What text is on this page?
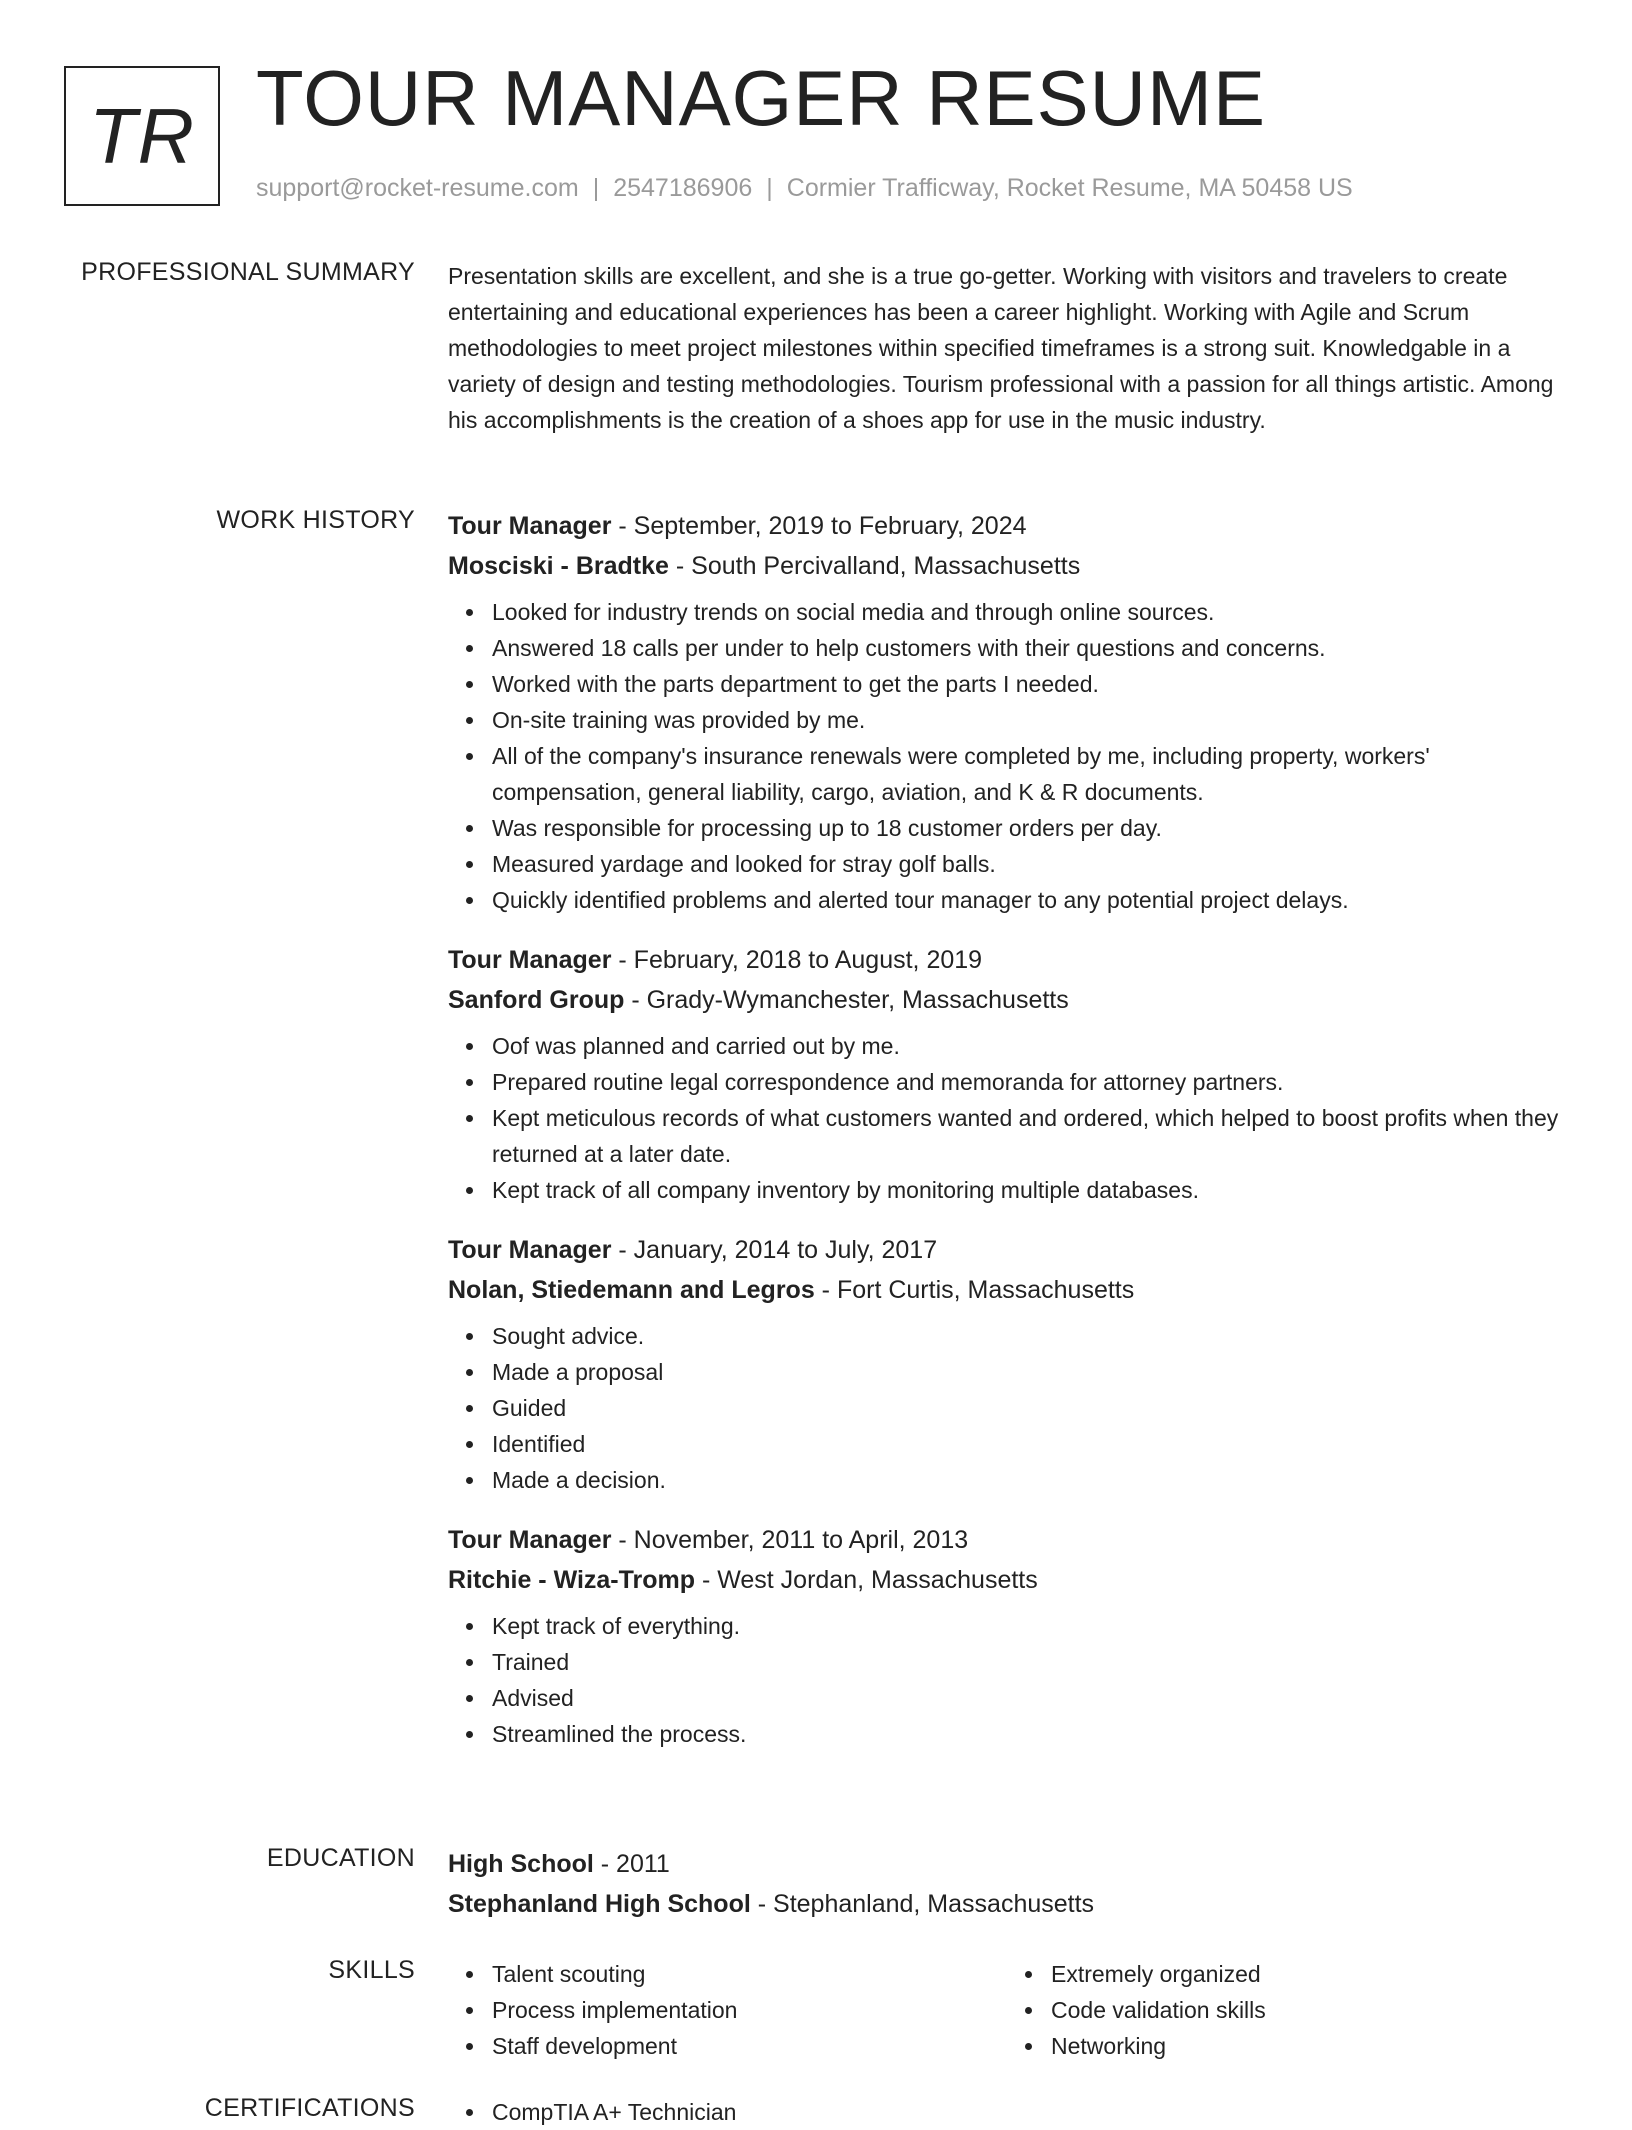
TR TOUR MANAGER RESUME
support@rocket-resume.com | 2547186906 | Cormier Trafficway, Rocket Resume, MA 50458 US
PROFESSIONAL SUMMARY Presentation skills are excellent, and she is a true go-getter. Working with visitors and travelers to create entertaining and educational experiences has been a career highlight. Working with Agile and Scrum methodologies to meet project milestones within specified timeframes is a strong suit. Knowledgable in a variety of design and testing methodologies. Tourism professional with a passion for all things artistic. Among his accomplishments is the creation of a shoes app for use in the music industry.

WORK HISTORY Tour Manager - September, 2019 to February, 2024
Mosciski - Bradtke - South Percivalland, Massachusetts
Looked for industry trends on social media and through online sources.
Answered 18 calls per under to help customers with their questions and concerns.
Worked with the parts department to get the parts I needed.
On-site training was provided by me.
All of the company's insurance renewals were completed by me, including property, workers' compensation, general liability, cargo, aviation, and K & R documents.
Was responsible for processing up to 18 customer orders per day.
Measured yardage and looked for stray golf balls.
Quickly identified problems and alerted tour manager to any potential project delays.
Tour Manager - February, 2018 to August, 2019
Sanford Group - Grady-Wymanchester, Massachusetts
Oof was planned and carried out by me.
Prepared routine legal correspondence and memoranda for attorney partners.
Kept meticulous records of what customers wanted and ordered, which helped to boost profits when they returned at a later date.
Kept track of all company inventory by monitoring multiple databases.
Tour Manager - January, 2014 to July, 2017
Nolan, Stiedemann and Legros - Fort Curtis, Massachusetts
Sought advice.
Made a proposal
Guided
Identified
Made a decision.
Tour Manager - November, 2011 to April, 2013
Ritchie - Wiza-Tromp - West Jordan, Massachusetts
Kept track of everything.
Trained
Advised
Streamlined the process.
EDUCATION High School - 2011
Stephanland High School - Stephanland, Massachusetts
SKILLS	Talent scouting
Process implementation
Staff development
Extremely organized
Code validation skills
Networking
CERTIFICATIONS	CompTIA A+ Technician
